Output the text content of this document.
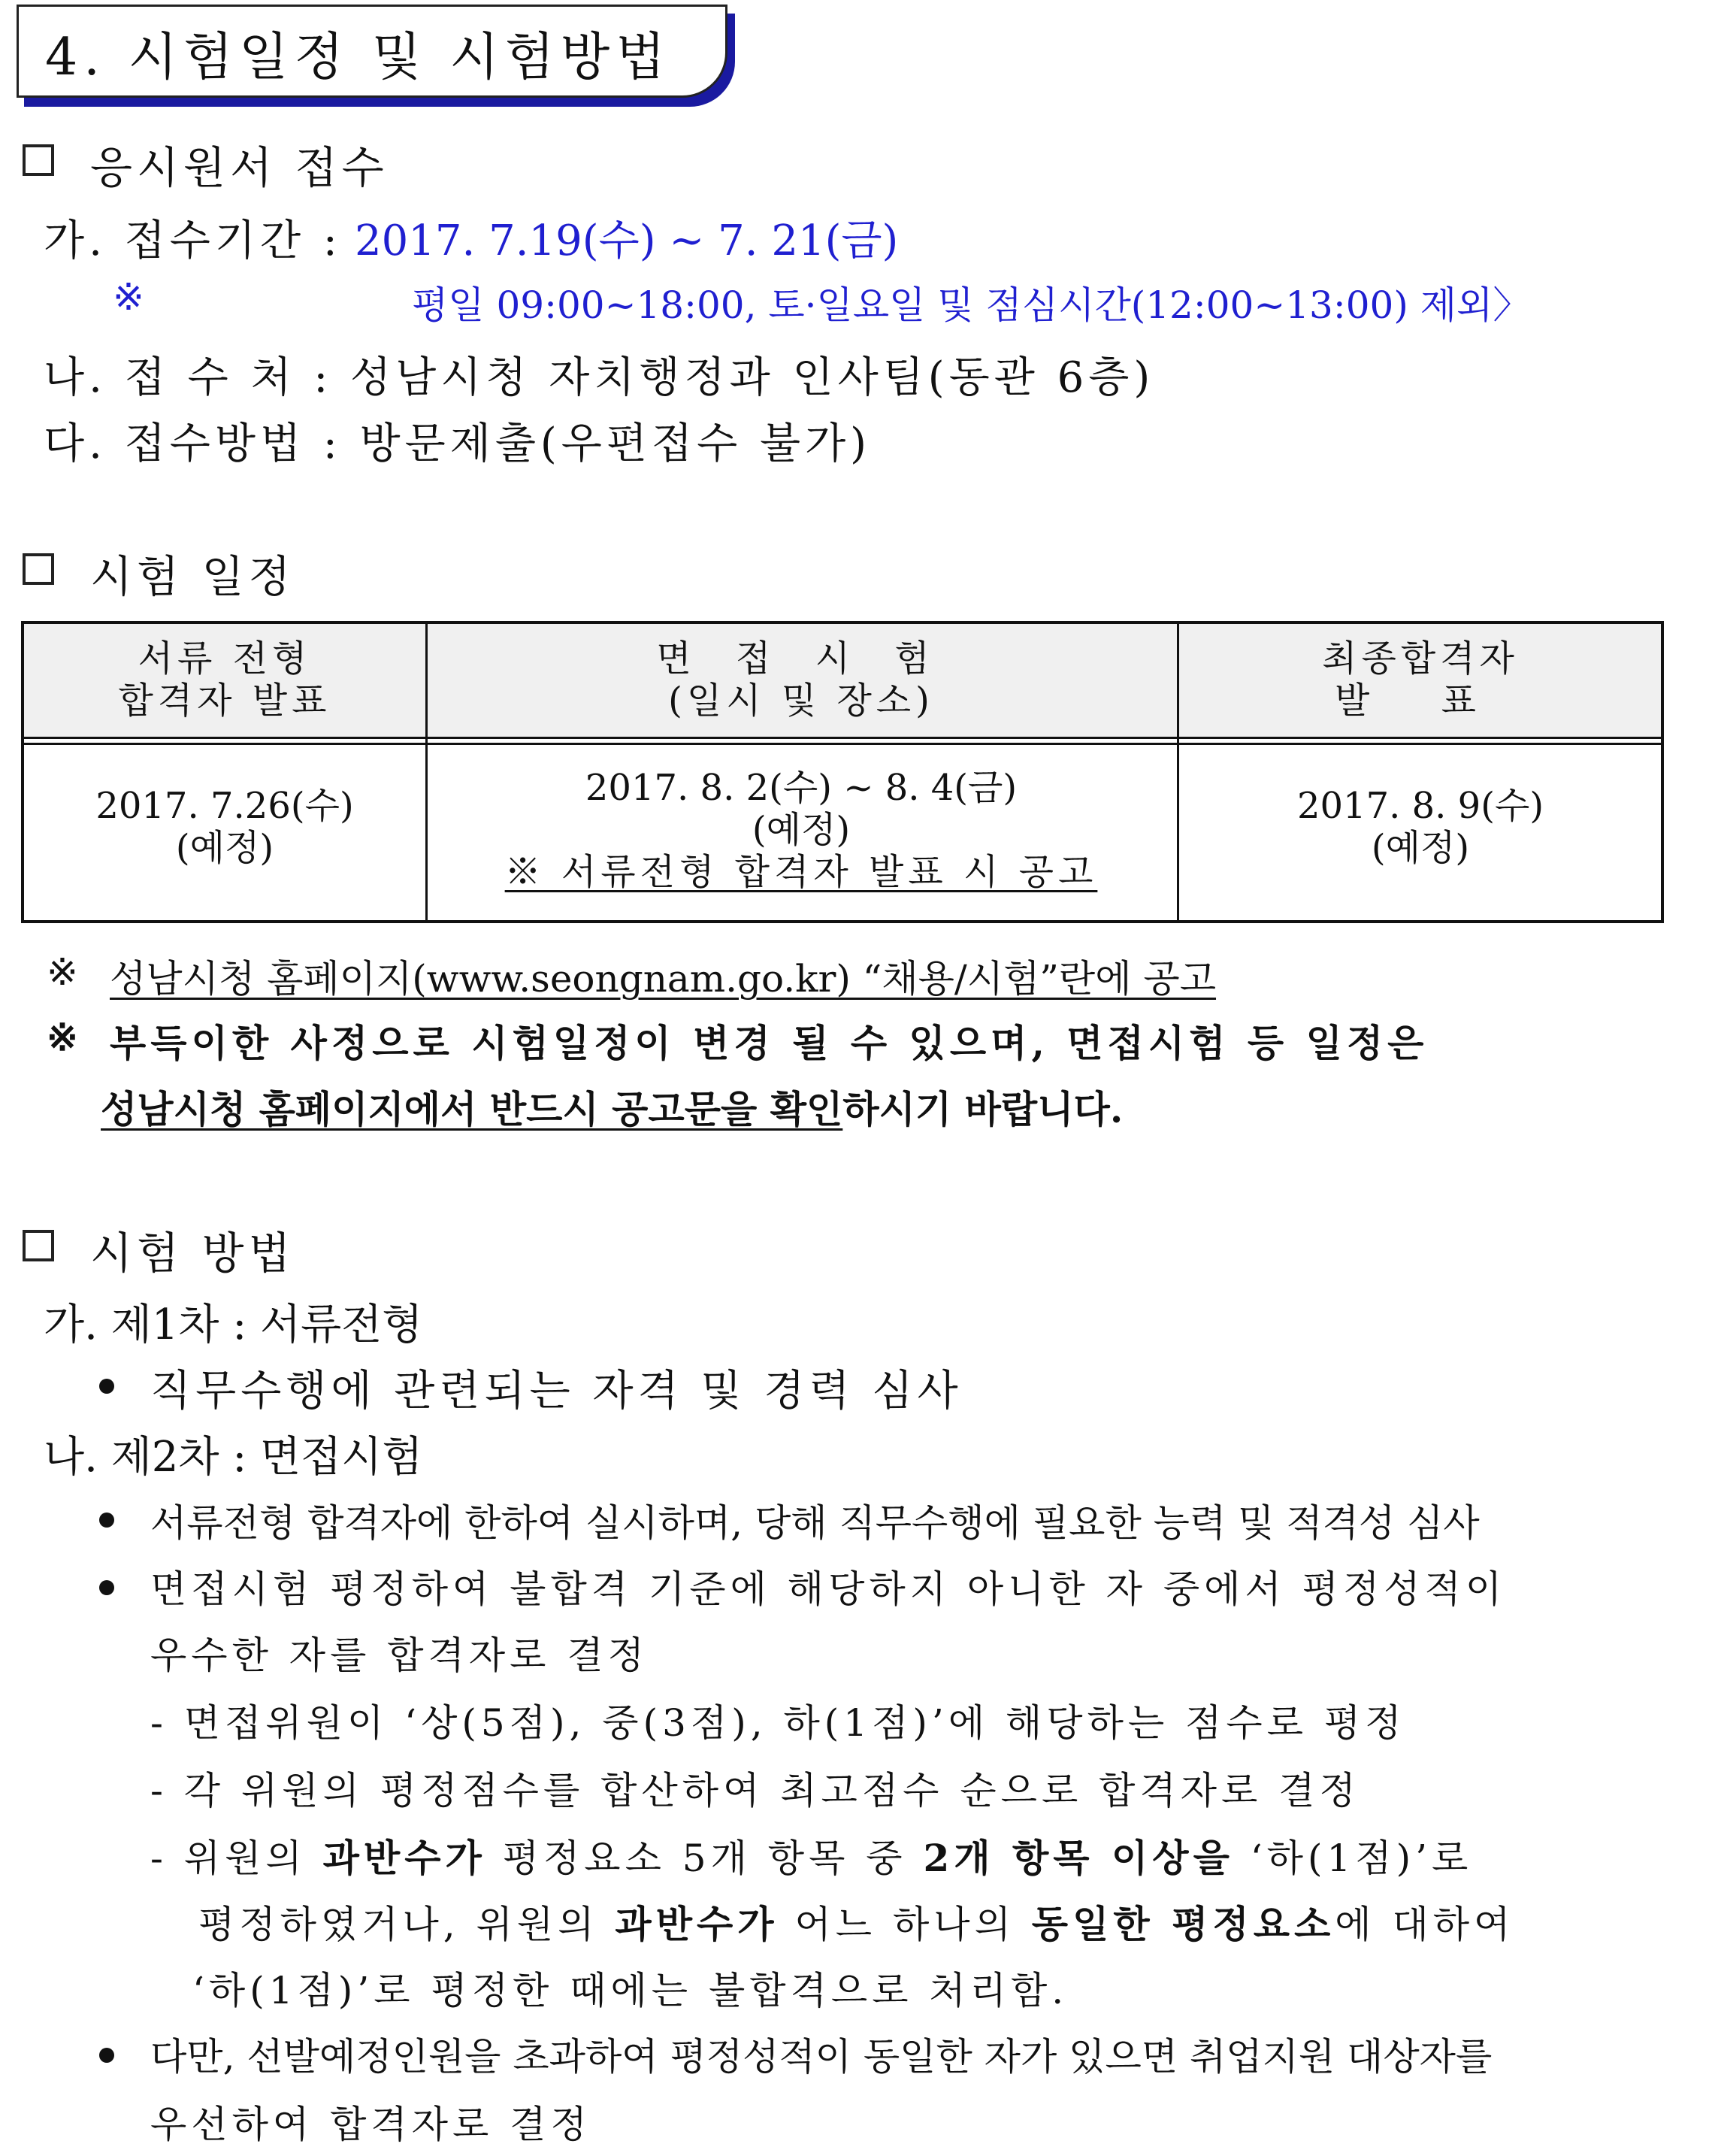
4. 시험일정 및 시험방법
응시원서 접수
가. 접수기간 : 2017. 7.19(수) ~ 7. 21(금)
※	평일 09:00~18:00, 토·일요일 및 점심시간(12:00~13:00) 제외〉
나. 접 수 처 : 성남시청 자치행정과 인사팀(동관 6층)
다. 접수방법 : 방문제출(우편접수 불가)
시험 일정
서류 전형
합격자 발표
면 접 시 험
(일시 및 장소)
최종합격자
발 표
2017. 7.26(수)
(예정)
2017. 8. 2(수) ~ 8. 4(금)
(예정)
※ 서류전형 합격자 발표 시 공고
2017. 8. 9(수)
(예정)
※ 성남시청 홈페이지(www.seongnam.go.kr) “채용/시험”란에 공고
※ 부득이한 사정으로 시험일정이 변경 될 수 있으며, 면접시험 등 일정은
성남시청 홈페이지에서 반드시 공고문을 확인하시기 바랍니다.
시험 방법
가. 제1차 : 서류전형
직무수행에 관련되는 자격 및 경력 심사
나. 제2차 : 면접시험
서류전형 합격자에 한하여 실시하며, 당해 직무수행에 필요한 능력 및 적격성 심사
면접시험 평정하여 불합격 기준에 해당하지 아니한 자 중에서 평정성적이
우수한 자를 합격자로 결정
- 면접위원이 ‘상(5점), 중(3점), 하(1점)’에 해당하는 점수로 평정
- 각 위원의 평정점수를 합산하여 최고점수 순으로 합격자로 결정
- 위원의 과반수가 평정요소 5개 항목 중 2개 항목 이상을 ‘하(1점)’로
평정하였거나, 위원의 과반수가 어느 하나의 동일한 평정요소에 대하여
‘하(1점)’로 평정한 때에는 불합격으로 처리함.
다만, 선발예정인원을 초과하여 평정성적이 동일한 자가 있으면 취업지원 대상자를
우선하여 합격자로 결정
